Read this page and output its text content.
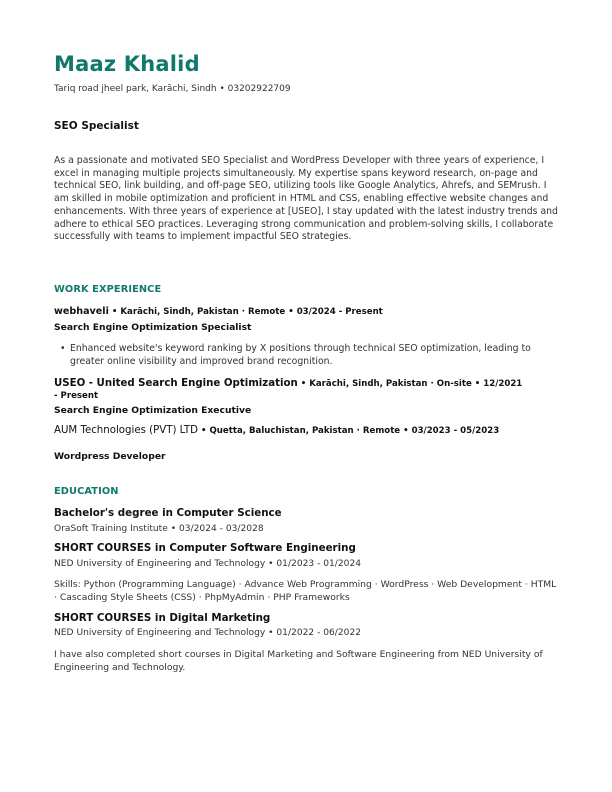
Maaz Khalid
Tariq road jheel park, Karāchi, Sindh • 03202922709
SEO Specialist
As a passionate and motivated SEO Specialist and WordPress Developer with three years of experience, I excel in managing multiple projects simultaneously. My expertise spans keyword research, on-page and technical SEO, link building, and off-page SEO, utilizing tools like Google Analytics, Ahrefs, and SEMrush. I am skilled in mobile optimization and proficient in HTML and CSS, enabling effective website changes and enhancements. With three years of experience at [USEO], I stay updated with the latest industry trends and adhere to ethical SEO practices. Leveraging strong communication and problem-solving skills, I collaborate successfully with teams to implement impactful SEO strategies.
WORK EXPERIENCE
webhaveli • Karāchi, Sindh, Pakistan · Remote • 03/2024 - Present
Search Engine Optimization Specialist
• Enhanced website's keyword ranking by X positions through technical SEO optimization, leading to greater online visibility and improved brand recognition.
USEO - United Search Engine Optimization • Karāchi, Sindh, Pakistan · On-site • 12/2021 - Present
Search Engine Optimization Executive
AUM Technologies (PVT) LTD • Quetta, Baluchistan, Pakistan · Remote • 03/2023 - 05/2023
Wordpress Developer
EDUCATION
Bachelor's degree in Computer Science
OraSoft Training Institute • 03/2024 - 03/2028
SHORT COURSES in Computer Software Engineering
NED University of Engineering and Technology • 01/2023 - 01/2024
Skills: Python (Programming Language) · Advance Web Programming · WordPress · Web Development · HTML · Cascading Style Sheets (CSS) · PhpMyAdmin · PHP Frameworks
SHORT COURSES in Digital Marketing
NED University of Engineering and Technology • 01/2022 - 06/2022
I have also completed short courses in Digital Marketing and Software Engineering from NED University of Engineering and Technology.
